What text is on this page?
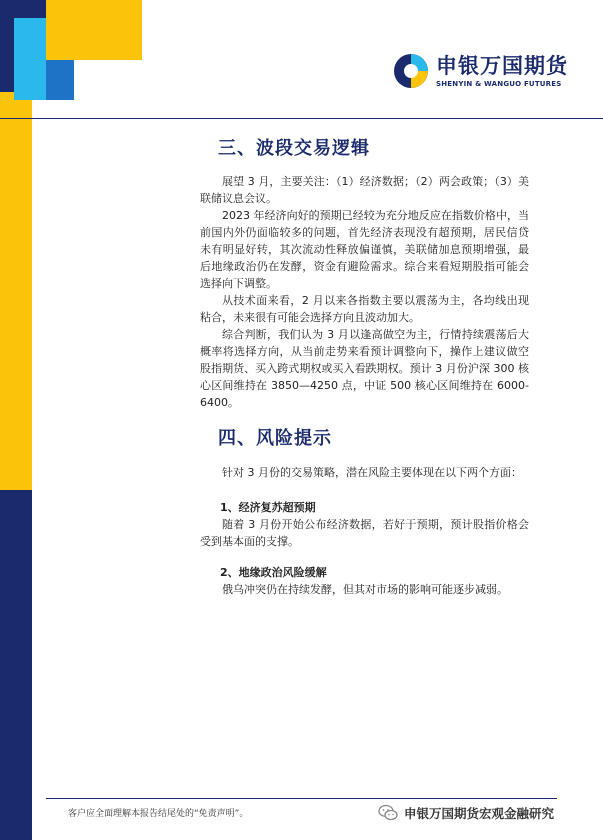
申银万国期货
SHENYIN & WANGUO FUTURES
三、波段交易逻辑

展望 3 月，主要关注：（1）经济数据；（2）两会政策；（3）美联储议息会议。

2023 年经济向好的预期已经较为充分地反应在指数价格中，当前国内外仍面临较多的问题，首先经济表现没有超预期，居民信贷未有明显好转，其次流动性释放偏谨慎，美联储加息预期增强，最后地缘政治仍在发酵，资金有避险需求。综合来看短期股指可能会选择向下调整。

从技术面来看，2 月以来各指数主要以震荡为主，各均线出现粘合，未来很有可能会选择方向且波动加大。

综合判断，我们认为 3 月以逢高做空为主，行情持续震荡后大概率将选择方向，从当前走势来看预计调整向下，操作上建议做空股指期货、买入跨式期权或买入看跌期权。预计 3 月份沪深 300 核心区间维持在 3850—4250 点，中证 500 核心区间维持在 6000-6400。

四、风险提示

针对 3 月份的交易策略，潜在风险主要体现在以下两个方面：

1、经济复苏超预期

随着 3 月份开始公布经济数据，若好于预期，预计股指价格会受到基本面的支撑。

2、地缘政治风险缓解

俄乌冲突仍在持续发酵，但其对市场的影响可能逐步减弱。

客户应全面理解本报告结尾处的“免责声明”。	申银万国期货宏观金融研究
